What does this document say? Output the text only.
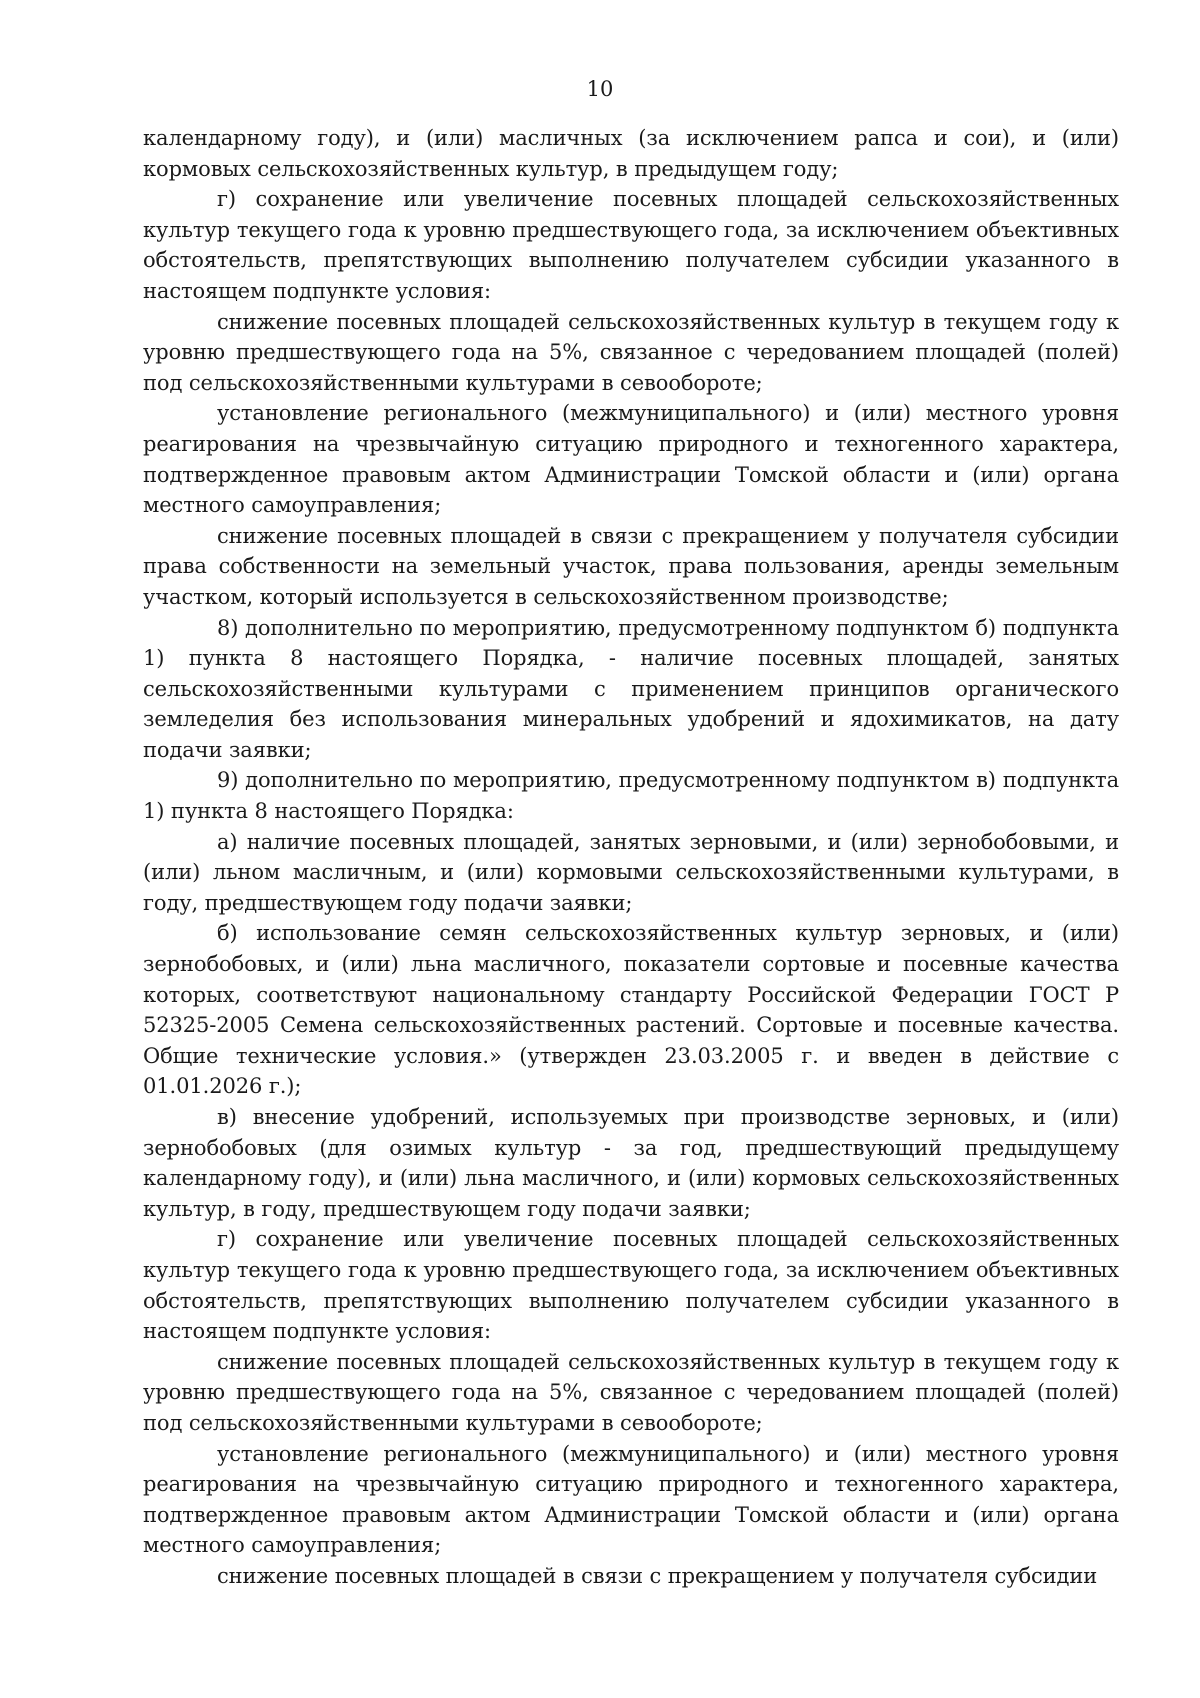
10

календарному году), и (или) масличных (за исключением рапса и сои), и (или) кормовых сельскохозяйственных культур, в предыдущем году;

г) сохранение или увеличение посевных площадей сельскохозяйственных культур текущего года к уровню предшествующего года, за исключением объективных обстоятельств, препятствующих выполнению получателем субсидии указанного в настоящем подпункте условия:

снижение посевных площадей сельскохозяйственных культур в текущем году к уровню предшествующего года на 5%, связанное с чередованием площадей (полей) под сельскохозяйственными культурами в севообороте;

установление регионального (межмуниципального) и (или) местного уровня реагирования на чрезвычайную ситуацию природного и техногенного характера, подтвержденное правовым актом Администрации Томской области и (или) органа местного самоуправления;

снижение посевных площадей в связи с прекращением у получателя субсидии права собственности на земельный участок, права пользования, аренды земельным участком, который используется в сельскохозяйственном производстве;

8) дополнительно по мероприятию, предусмотренному подпунктом б) подпункта 1) пункта 8 настоящего Порядка, - наличие посевных площадей, занятых сельскохозяйственными культурами с применением принципов органического земледелия без использования минеральных удобрений и ядохимикатов, на дату подачи заявки;

9) дополнительно по мероприятию, предусмотренному подпунктом в) подпункта 1) пункта 8 настоящего Порядка:

а) наличие посевных площадей, занятых зерновыми, и (или) зернобобовыми, и (или) льном масличным, и (или) кормовыми сельскохозяйственными культурами, в году, предшествующем году подачи заявки;

б) использование семян сельскохозяйственных культур зерновых, и (или) зернобобовых, и (или) льна масличного, показатели сортовые и посевные качества которых, соответствуют национальному стандарту Российской Федерации ГОСТ Р 52325-2005 Семена сельскохозяйственных растений. Сортовые и посевные качества. Общие технические условия.» (утвержден 23.03.2005 г. и введен в действие с 01.01.2026 г.);

в) внесение удобрений, используемых при производстве зерновых, и (или) зернобобовых (для озимых культур - за год, предшествующий предыдущему календарному году), и (или) льна масличного, и (или) кормовых сельскохозяйственных культур, в году, предшествующем году подачи заявки;

г) сохранение или увеличение посевных площадей сельскохозяйственных культур текущего года к уровню предшествующего года, за исключением объективных обстоятельств, препятствующих выполнению получателем субсидии указанного в настоящем подпункте условия:

снижение посевных площадей сельскохозяйственных культур в текущем году к уровню предшествующего года на 5%, связанное с чередованием площадей (полей) под сельскохозяйственными культурами в севообороте;

установление регионального (межмуниципального) и (или) местного уровня реагирования на чрезвычайную ситуацию природного и техногенного характера, подтвержденное правовым актом Администрации Томской области и (или) органа местного самоуправления;

снижение посевных площадей в связи с прекращением у получателя субсидии
